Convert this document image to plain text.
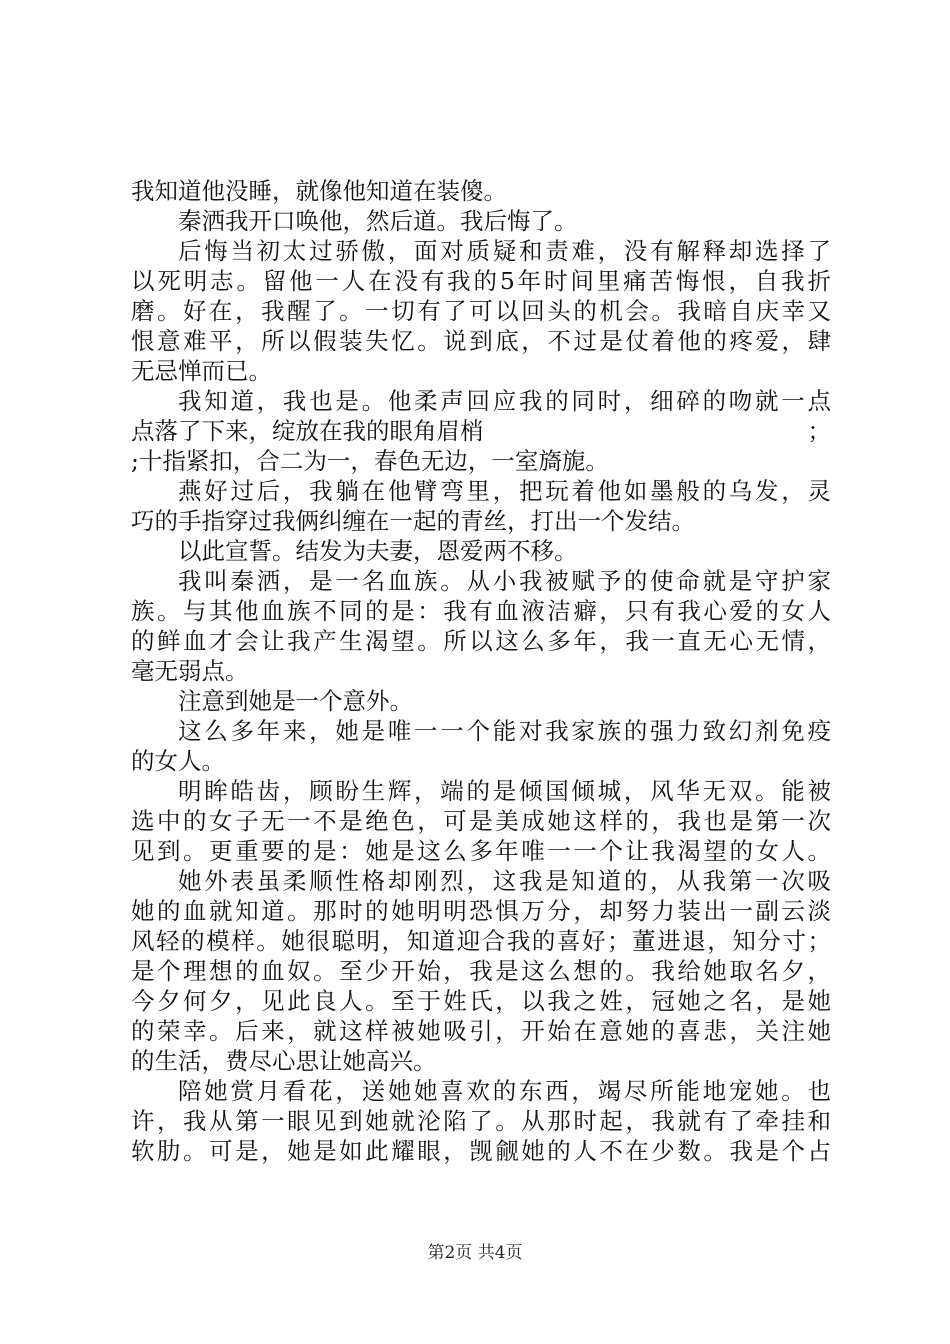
我知道他没睡，就像他知道在装傻。
秦洒我开口唤他，然后道。我后悔了。
后悔当初太过骄傲，面对质疑和责难，没有解释却选择了
以死明志。留他一人在没有我的5年时间里痛苦悔恨，自我折
磨。好在，我醒了。一切有了可以回头的机会。我暗自庆幸又
恨意难平，所以假装失忆。说到底，不过是仗着他的疼爱，肆
无忌惮而已。
我知道，我也是。他柔声回应我的同时，细碎的吻就一点
点落了下来，绽放在我的眼角眉梢	；
;十指紧扣，合二为一，春色无边，一室旖旎。
燕好过后，我躺在他臂弯里，把玩着他如墨般的乌发，灵
巧的手指穿过我俩纠缠在一起的青丝，打出一个发结。
以此宣誓。结发为夫妻，恩爱两不移。
我叫秦洒，是一名血族。从小我被赋予的使命就是守护家
族。与其他血族不同的是：我有血液洁癖，只有我心爱的女人
的鲜血才会让我产生渴望。所以这么多年，我一直无心无情，
毫无弱点。
注意到她是一个意外。
这么多年来，她是唯一一个能对我家族的强力致幻剂免疫
的女人。
明眸皓齿，顾盼生辉，端的是倾国倾城，风华无双。能被
选中的女子无一不是绝色，可是美成她这样的，我也是第一次
见到。更重要的是：她是这么多年唯一一个让我渴望的女人。
她外表虽柔顺性格却刚烈，这我是知道的，从我第一次吸
她的血就知道。那时的她明明恐惧万分，却努力装出一副云淡
风轻的模样。她很聪明，知道迎合我的喜好；董进退，知分寸；
是个理想的血奴。至少开始，我是这么想的。我给她取名夕，
今夕何夕，见此良人。至于姓氏，以我之姓，冠她之名，是她
的荣幸。后来，就这样被她吸引，开始在意她的喜悲，关注她
的生活，费尽心思让她高兴。
陪她赏月看花，送她她喜欢的东西，竭尽所能地宠她。也
许，我从第一眼见到她就沦陷了。从那时起，我就有了牵挂和
软肋。可是，她是如此耀眼，觊觎她的人不在少数。我是个占
第2页 共4页
